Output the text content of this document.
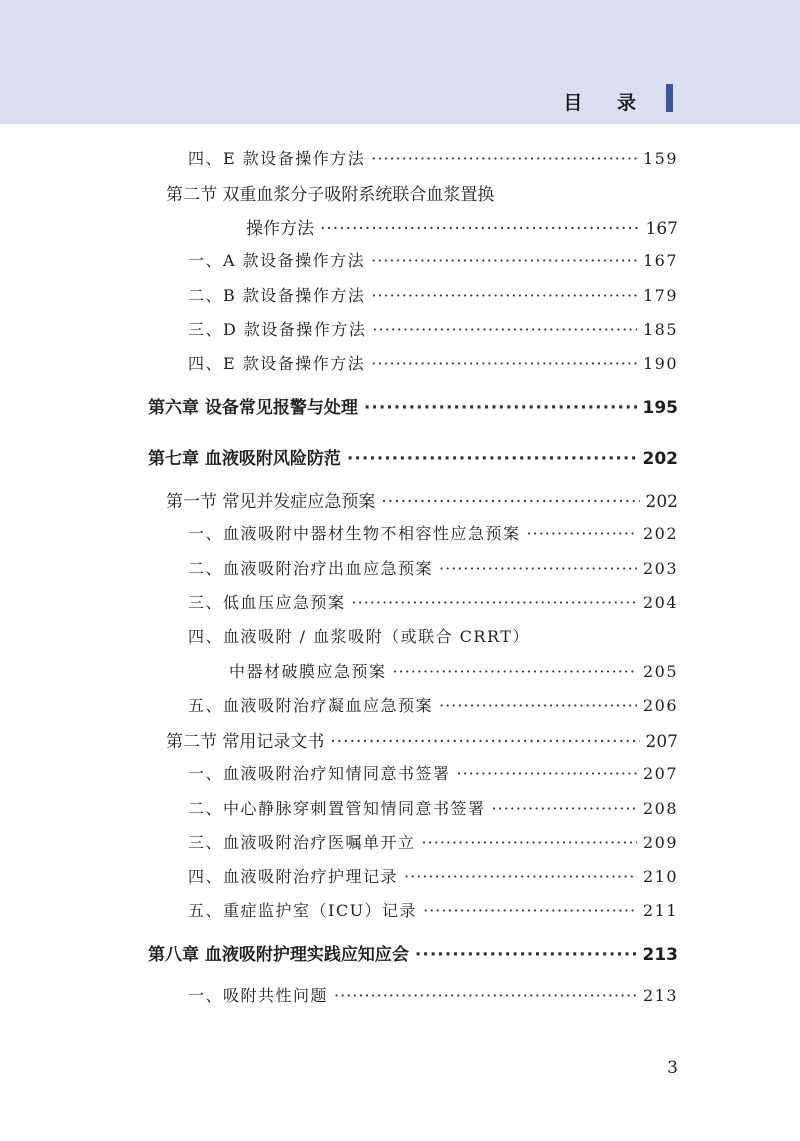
目 录
四、E 款设备操作方法 ·····	159
第二节 双重血浆分子吸附系统联合血浆置换
操作方法 ·····	167
一、A 款设备操作方法 ·····	167
二、B 款设备操作方法 ·····	179
三、D 款设备操作方法 ·····	185
四、E 款设备操作方法 ·····	190
第六章 设备常见报警与处理 ·····	195
第七章 血液吸附风险防范 ·····	202
第一节 常见并发症应急预案 ·····	202
一、血液吸附中器材生物不相容性应急预案 ·····	202
二、血液吸附治疗出血应急预案 ·····	203
三、低血压应急预案 ·····	204
四、血液吸附 / 血浆吸附（或联合 CRRT）
中器材破膜应急预案 ·····	205
五、血液吸附治疗凝血应急预案 ·····	206
第二节 常用记录文书 ·····	207
一、血液吸附治疗知情同意书签署 ·····	207
二、中心静脉穿刺置管知情同意书签署 ·····	208
三、血液吸附治疗医嘱单开立 ·····	209
四、血液吸附治疗护理记录 ·····	210
五、重症监护室（ICU）记录 ·····	211
第八章 血液吸附护理实践应知应会 ·····	213
一、吸附共性问题 ·····	213
3
